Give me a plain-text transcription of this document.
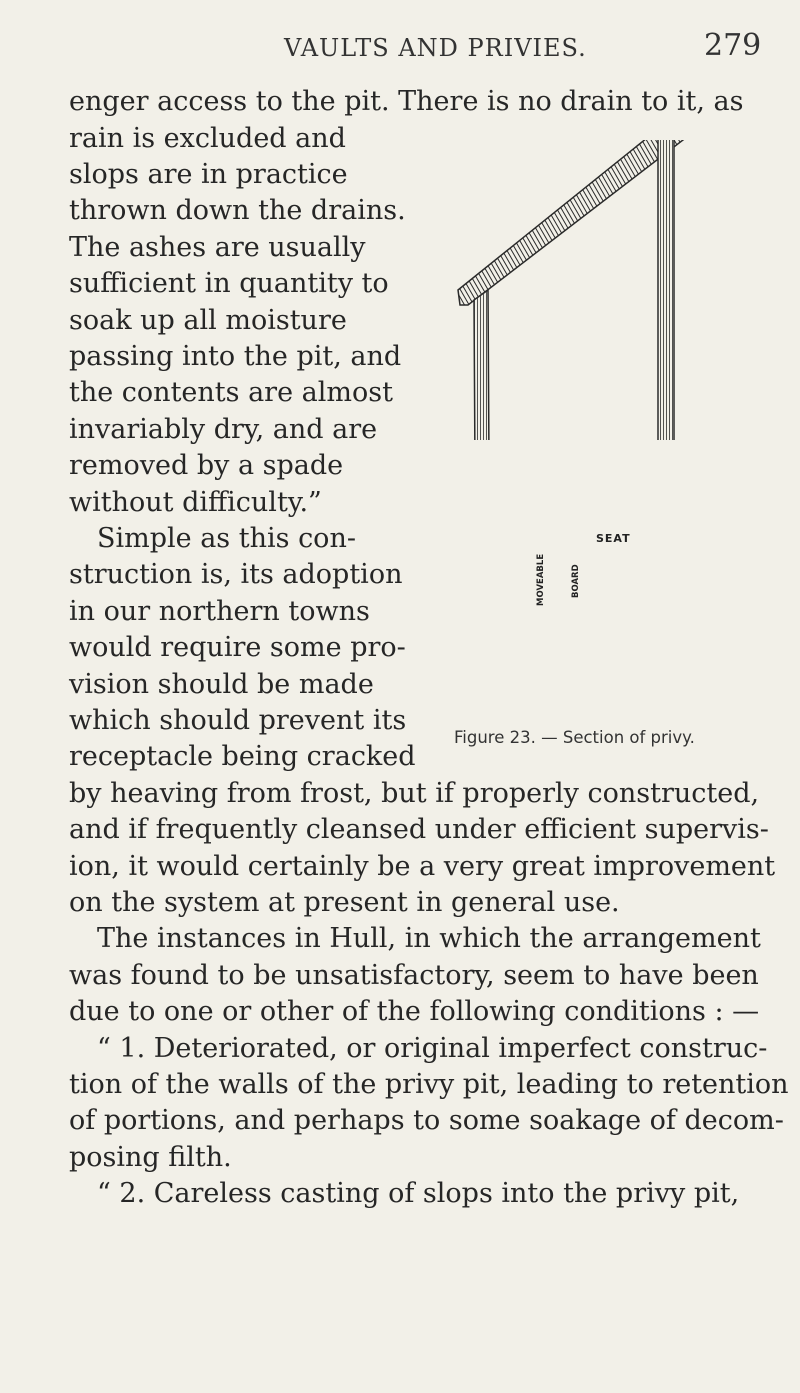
VAULTS AND PRIVIES.	279
enger access to the pit. There is no drain to it, as
rain is excluded and
slops are in practice
thrown down the drains.
The ashes are usually
sufficient in quantity to
soak up all moisture
passing into the pit, and
the contents are almost
invariably dry, and are
removed by a spade
without difficulty.”
Simple as this con-
struction is, its adoption
in our northern towns
would require some pro-
vision should be made
which should prevent its
receptacle being cracked
by heaving from frost, but if properly constructed,
and if frequently cleansed under efficient supervis-
ion, it would certainly be a very great improvement
on the system at present in general use.
The instances in Hull, in which the arrangement
was found to be unsatisfactory, seem to have been
due to one or other of the following conditions : —
“ 1. Deteriorated, or original imperfect construc-
tion of the walls of the privy pit, leading to retention
of portions, and perhaps to some soakage of decom-
posing filth.
“ 2. Careless casting of slops into the privy pit,
SEAT
MOVEABLE	BOARD
Figure 23. — Section of privy.
